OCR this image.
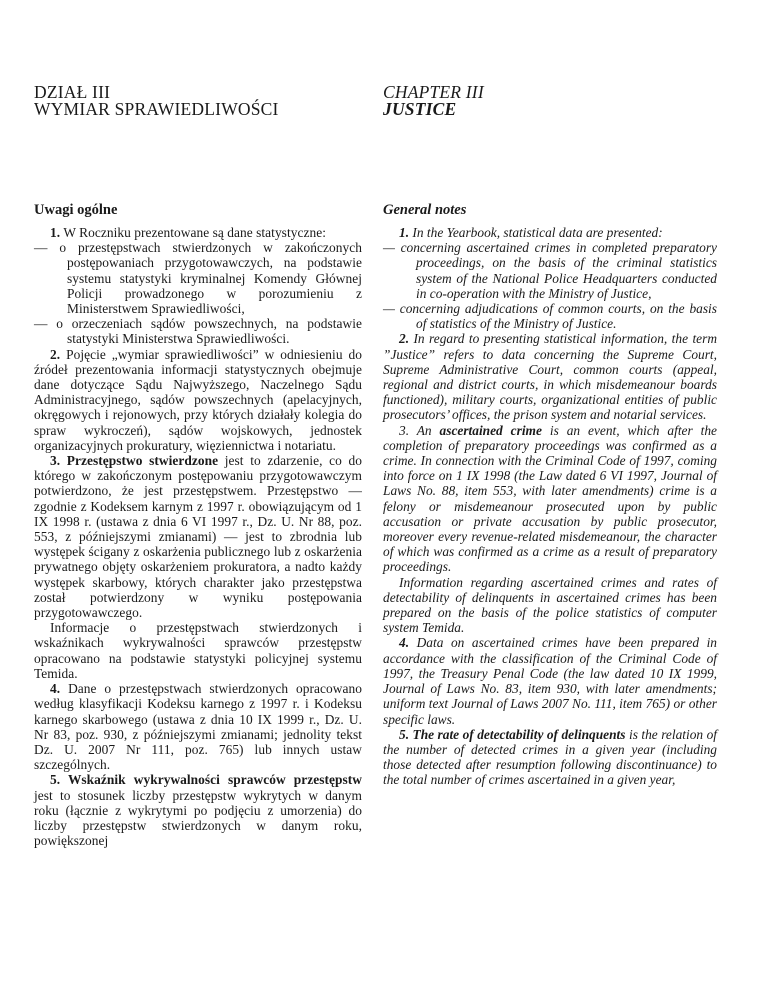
DZIAŁ III
WYMIAR SPRAWIEDLIWOŚCI
Uwagi ogólne

1. W Roczniku prezentowane są dane statystyczne:

— o przestępstwach stwierdzonych w zakończonych postępowaniach przygotowawczych, na podstawie systemu statystyki kryminalnej Komendy Głównej Policji prowadzonego w porozumieniu z Ministerstwem Sprawiedliwości,

— o orzeczeniach sądów powszechnych, na podstawie statystyki Ministerstwa Sprawiedliwości.

2. Pojęcie „wymiar sprawiedliwości” w odniesieniu do źródeł prezentowania informacji statystycznych obejmuje dane dotyczące Sądu Najwyższego, Naczelnego Sądu Administracyjnego, sądów powszechnych (apelacyjnych, okręgowych i rejonowych, przy których działały kolegia do spraw wykroczeń), sądów wojskowych, jednostek organizacyjnych prokuratury, więziennictwa i notariatu.

3. Przestępstwo stwierdzone jest to zdarzenie, co do którego w zakończonym postępowaniu przygotowawczym potwierdzono, że jest przestępstwem. Przestępstwo — zgodnie z Kodeksem karnym z 1997 r. obowiązującym od 1 IX 1998 r. (ustawa z dnia 6 VI 1997 r., Dz. U. Nr 88, poz. 553, z późniejszymi zmianami) — jest to zbrodnia lub występek ścigany z oskarżenia publicznego lub z oskarżenia prywatnego objęty oskarżeniem prokuratora, a nadto każdy występek skarbowy, których charakter jako przestępstwa został potwierdzony w wyniku postępowania przygotowawczego.

Informacje o przestępstwach stwierdzonych i wskaźnikach wykrywalności sprawców przestępstw opracowano na podstawie statystyki policyjnej systemu Temida.

4. Dane o przestępstwach stwierdzonych opracowano według klasyfikacji Kodeksu karnego z 1997 r. i Kodeksu karnego skarbowego (ustawa z dnia 10 IX 1999 r., Dz. U. Nr 83, poz. 930, z późniejszymi zmianami; jednolity tekst Dz. U. 2007 Nr 111, poz. 765) lub innych ustaw szczególnych.

5. Wskaźnik wykrywalności sprawców przestępstw jest to stosunek liczby przestępstw wykrytych w danym roku (łącznie z wykrytymi po podjęciu z umorzenia) do liczby przestępstw stwierdzonych w danym roku, powiększonej

CHAPTER III
JUSTICE
General notes

1. In the Yearbook, statistical data are presented:

— concerning ascertained crimes in completed preparatory proceedings, on the basis of the criminal statistics system of the National Police Headquarters conducted in co-operation with the Ministry of Justice,

— concerning adjudications of common courts, on the basis of statistics of the Ministry of Justice.

2. In regard to presenting statistical information, the term ”Justice” refers to data concerning the Supreme Court, Supreme Administrative Court, common courts (appeal, regional and district courts, in which misdemeanour boards functioned), military courts, organizational entities of public prosecutors’ offices, the prison system and notarial services.

3. An ascertained crime is an event, which after the completion of preparatory proceedings was confirmed as a crime. In connection with the Criminal Code of 1997, coming into force on 1 IX 1998 (the Law dated 6 VI 1997, Journal of Laws No. 88, item 553, with later amendments) crime is a felony or misdemeanour prosecuted upon by public accusation or private accusation by public prosecutor, moreover every revenue-related misdemeanour, the character of which was confirmed as a crime as a result of preparatory proceedings.

Information regarding ascertained crimes and rates of detectability of delinquents in ascertained crimes has been prepared on the basis of the police statistics of computer system Temida.

4. Data on ascertained crimes have been prepared in accordance with the classification of the Criminal Code of 1997, the Treasury Penal Code (the law dated 10 IX 1999, Journal of Laws No. 83, item 930, with later amendments; uniform text Journal of Laws 2007 No. 111, item 765) or other specific laws.

5. The rate of detectability of delinquents is the relation of the number of detected crimes in a given year (including those detected after resumption following discontinuance) to the total number of crimes ascertained in a given year,
